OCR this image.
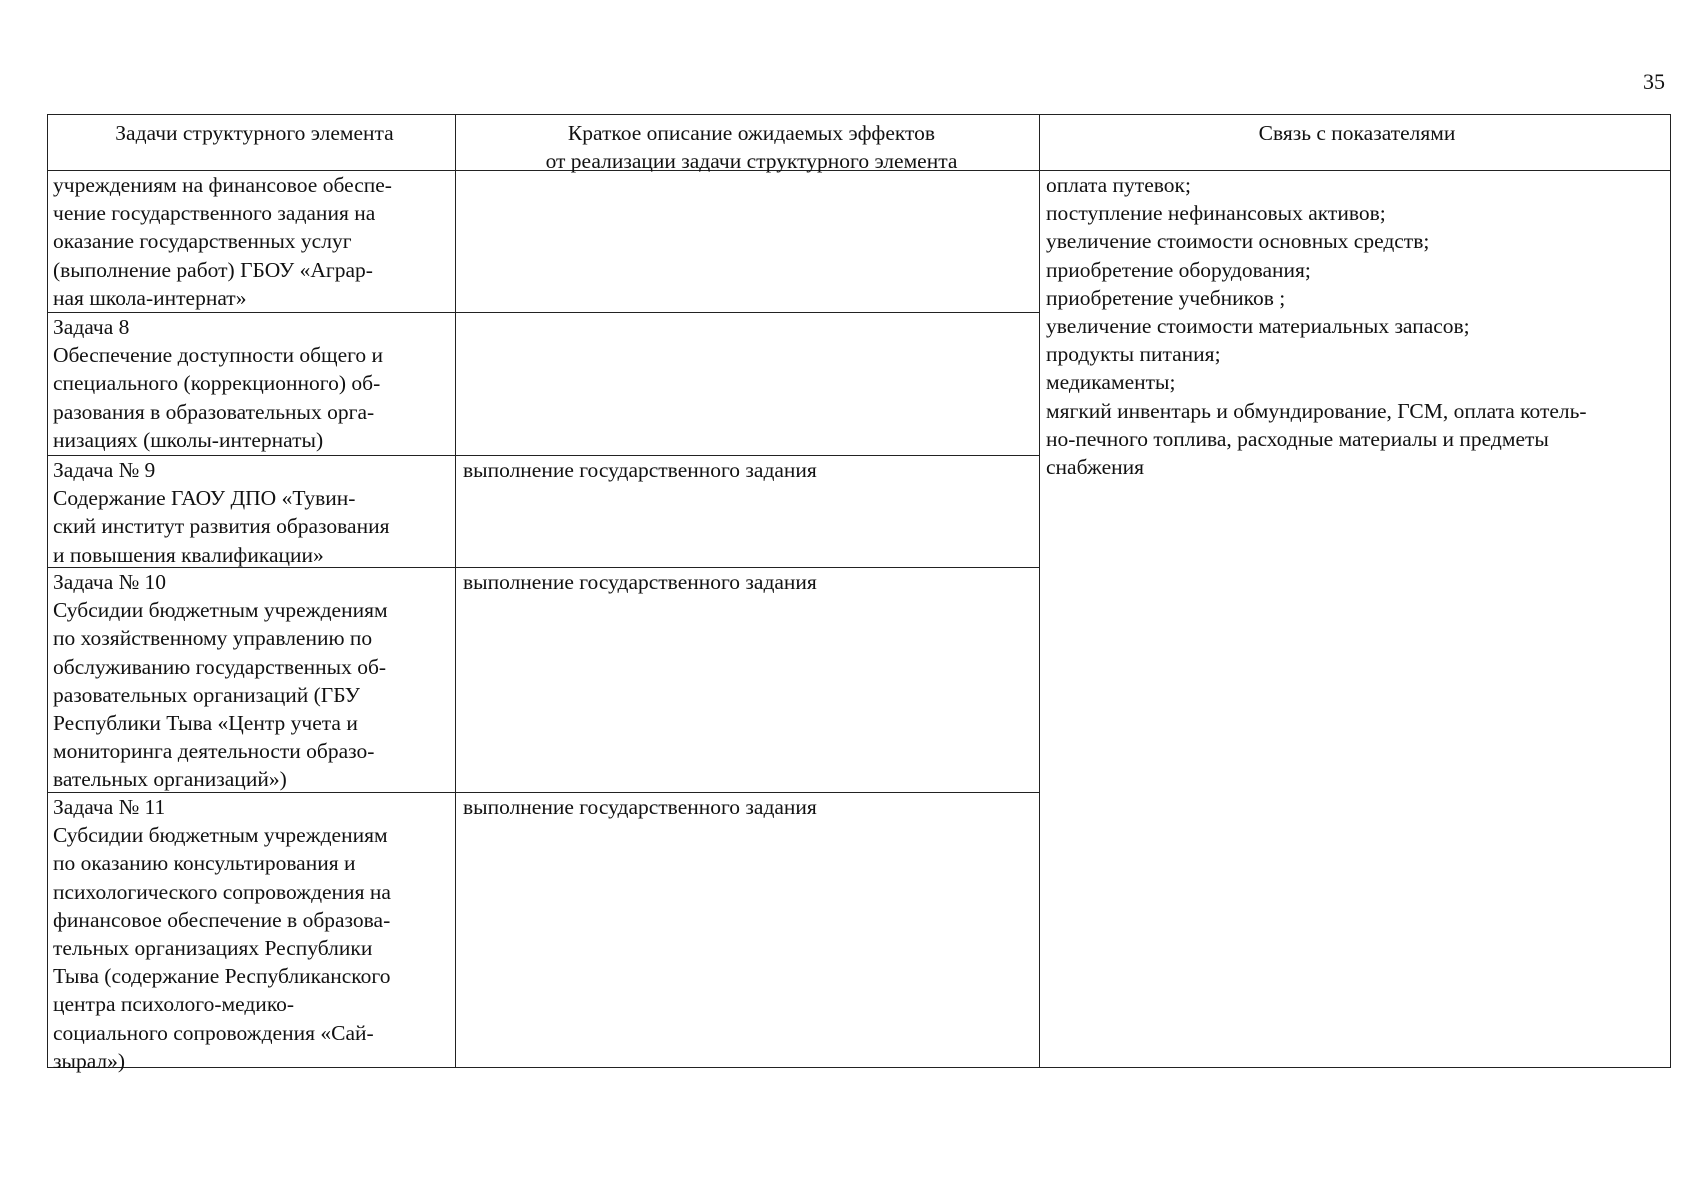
35
Задачи структурного элемента	Краткое описание ожидаемых эффектов
от реализации задачи структурного элемента
Связь с показателями
учреждениям на финансовое обеспе-
чение государственного задания на
оказание государственных услуг
(выполнение работ) ГБОУ «Аграр-
ная школа-интернат»
Задача 8
Обеспечение доступности общего и
специального (коррекционного) об-
разования в образовательных орга-
низациях (школы-интернаты)
Задача № 9
Содержание ГАОУ ДПО «Тувин-
ский институт развития образования
и повышения квалификации»
выполнение государственного задания
Задача № 10
Субсидии бюджетным учреждениям
по хозяйственному управлению по
обслуживанию государственных об-
разовательных организаций (ГБУ
Республики Тыва «Центр учета и
мониторинга деятельности образо-
вательных организаций»)
выполнение государственного задания
Задача № 11
Субсидии бюджетным учреждениям
по оказанию консультирования и
психологического сопровождения на
финансовое обеспечение в образова-
тельных организациях Республики
Тыва (содержание Республиканского
центра психолого-медико-
социального сопровождения «Сай-
зырал»)
выполнение государственного задания
оплата путевок;
поступление нефинансовых активов;
увеличение стоимости основных средств;
приобретение оборудования;
приобретение учебников ;
увеличение стоимости материальных запасов;
продукты питания;
медикаменты;
мягкий инвентарь и обмундирование, ГСМ, оплата котель-
но-печного топлива, расходные материалы и предметы
снабжения
